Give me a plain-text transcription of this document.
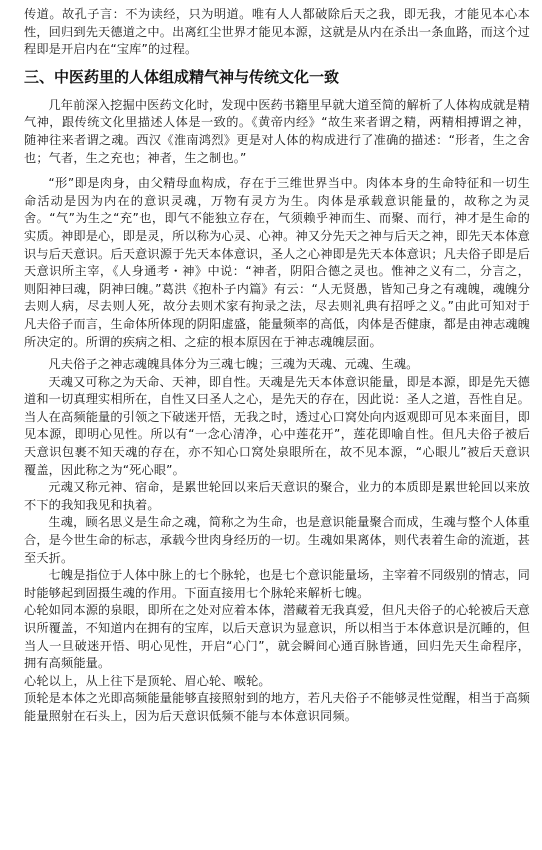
传道。故孔子言：不为读经，只为明道。唯有人人都破除后天之我，即无我，才能见本心本性，回归到先天德道之中。出离红尘世界才能见本源，这就是从内在杀出一条血路，而这个过程即是开启内在“宝库”的过程。

三、中医药里的人体组成精气神与传统文化一致

几年前深入挖掘中医药文化时，发现中医药书籍里早就大道至简的解析了人体构成就是精气神，跟传统文化里描述人体是一致的。《黄帝内经》“故生来者谓之精，两精相搏谓之神，随神往来者谓之魂。西汉《淮南鸿烈》更是对人体的构成进行了准确的描述：“形者，生之舍也；气者，生之充也；神者，生之制也。”

“形”即是肉身，由父精母血构成，存在于三维世界当中。肉体本身的生命特征和一切生命活动是因为内在的意识灵魂，万物有灵方为生。肉体是承载意识能量的，故称之为灵舍。“气”为生之“充”也，即气不能独立存在，气须赖乎神而生、而聚、而行，神才是生命的实质。神即是心，即是灵，所以称为心灵、心神。神又分先天之神与后天之神，即先天本体意识与后天意识。后天意识源于先天本体意识，圣人之心神即是先天本体意识；凡夫俗子即是后天意识所主宰，《人身通考・神》中说：“神者，阴阳合德之灵也。惟神之义有二，分言之，则阳神曰魂，阴神曰魄。”葛洪《抱朴子内篇》有云：“人无贤愚，皆知己身之有魂魄，魂魄分去则人病，尽去则人死，故分去则术家有拘录之法，尽去则礼典有招呼之义。”由此可知对于凡夫俗子而言，生命体所体现的阴阳虚盛，能量频率的高低，肉体是否健康，都是由神志魂魄所决定的。所谓的疾病之相、之症的根本原因在于神志魂魄层面。

凡夫俗子之神志魂魄具体分为三魂七魄；三魂为天魂、元魂、生魂。

天魂又可称之为天命、天神，即自性。天魂是先天本体意识能量，即是本源，即是先天德道和一切真理实相所在，自性又曰圣人之心，是先天的存在，因此说：圣人之道，吾性自足。当人在高频能量的引领之下破迷开悟，无我之时，透过心口窝处向内返观即可见本来面目，即见本源，即明心见性。所以有“一念心清净，心中莲花开”，莲花即喻自性。但凡夫俗子被后天意识包裹不知天魂的存在，亦不知心口窝处泉眼所在，故不见本源，“心眼儿”被后天意识覆盖，因此称之为“死心眼”。

元魂又称元神、宿命，是累世轮回以来后天意识的聚合，业力的本质即是累世轮回以来放不下的我知我见和执着。

生魂，顾名思义是生命之魂，简称之为生命，也是意识能量聚合而成，生魂与整个人体重合，是今世生命的标志，承载今世肉身经历的一切。生魂如果离体，则代表着生命的流逝，甚至夭折。

七魄是指位于人体中脉上的七个脉轮，也是七个意识能量场，主宰着不同级别的情志，同时能够起到固摄生魂的作用。下面直接用七个脉轮来解析七魄。

心轮如同本源的泉眼，即所在之处对应着本体，潜藏着无我真爱，但凡夫俗子的心轮被后天意识所覆盖，不知道内在拥有的宝库，以后天意识为显意识，所以相当于本体意识是沉睡的，但当人一旦破迷开悟、明心见性，开启“心门”，就会瞬间心通百脉皆通，回归先天生命程序，拥有高频能量。

心轮以上，从上往下是顶轮、眉心轮、喉轮。

顶轮是本体之光即高频能量能够直接照射到的地方，若凡夫俗子不能够灵性觉醒，相当于高频能量照射在石头上，因为后天意识低频不能与本体意识同频。
